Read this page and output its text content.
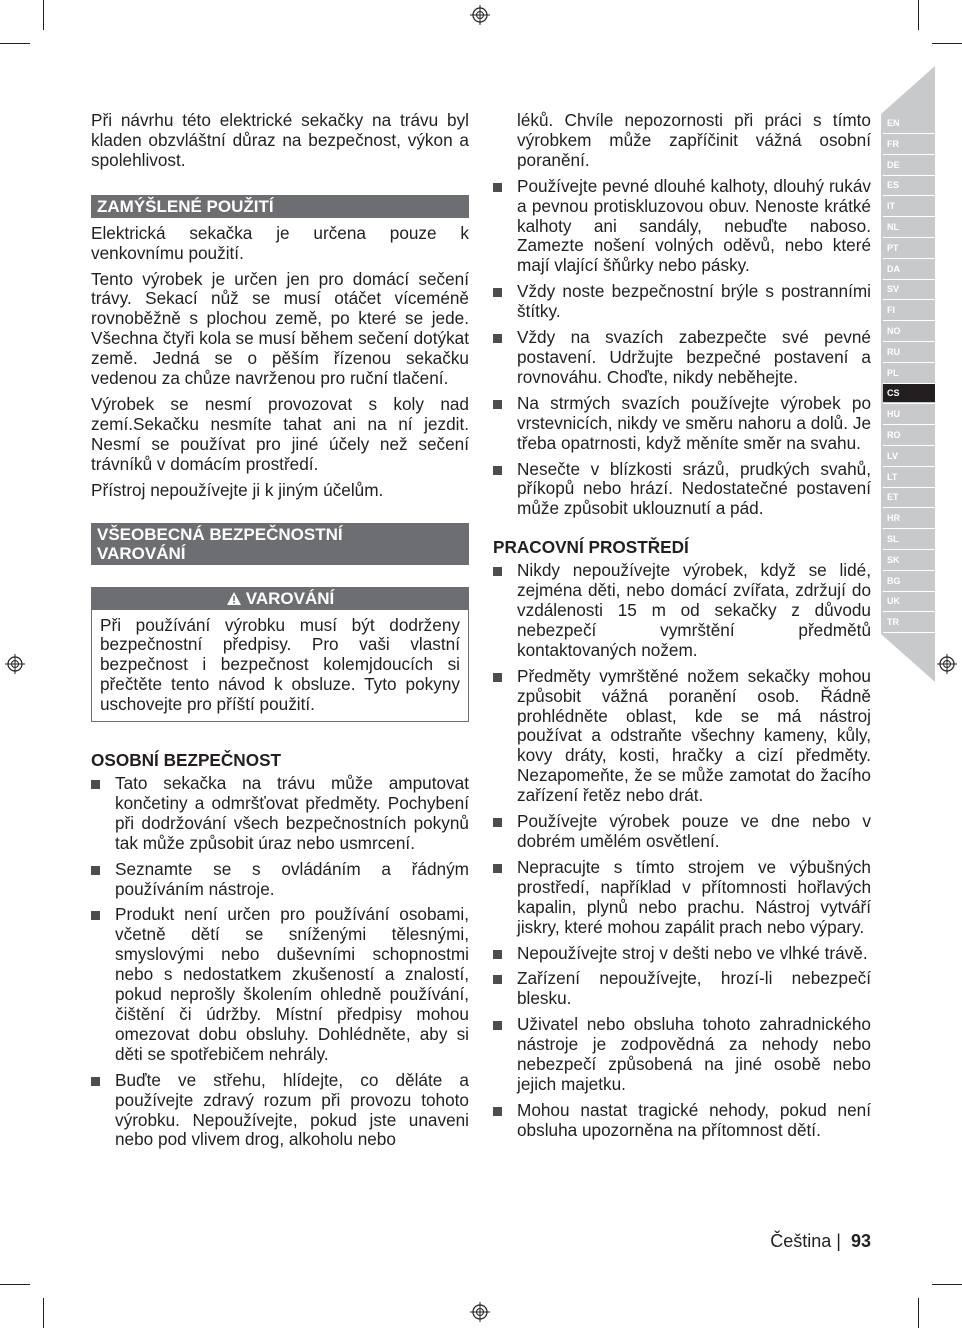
EN
FR
DE
ES
IT
NL
PT
DA
SV
FI
NO
RU
PL
CS
HU
RO
LV
LT
ET
HR
SL
SK
BG
UK
TR

Při návrhu této elektrické sekačky na trávu byl kladen obzvláštní důraz na bezpečnost, výkon a spolehlivost.

ZAMÝŠLENÉ POUŽITÍ

Elektrická sekačka je určena pouze k venkovnímu použití.

Tento výrobek je určen jen pro domácí sečení trávy. Sekací nůž se musí otáčet víceméně rovnoběžně s plochou země, po které se jede. Všechna čtyři kola se musí během sečení dotýkat země. Jedná se o pěším řízenou sekačku vedenou za chůze navrženou pro ruční tlačení.

Výrobek se nesmí provozovat s koly nad zemí.Sekačku nesmíte tahat ani na ní jezdit. Nesmí se používat pro jiné účely než sečení trávníků v domácím prostředí.

Přístroj nepoužívejte ji k jiným účelům.

VŠEOBECNÁ BEZPEČNOSTNÍ
VAROVÁNÍ
VAROVÁNÍ
Při používání výrobku musí být dodrženy bezpečnostní předpisy. Pro vaši vlastní bezpečnost i bezpečnost kolemjdoucích si přečtěte tento návod k obsluze. Tyto pokyny uschovejte pro příští použití.
OSOBNÍ BEZPEČNOST
Tato sekačka na trávu může amputovat končetiny a odmršťovat předměty. Pochybení při dodržování všech bezpečnostních pokynů tak může způsobit úraz nebo usmrcení.
Seznamte se s ovládáním a řádným používáním nástroje.
Produkt není určen pro používání osobami, včetně dětí se sníženými tělesnými, smyslovými nebo duševními schopnostmi nebo s nedostatkem zkušeností a znalostí, pokud neprošly školením ohledně používání, čištění či údržby. Místní předpisy mohou omezovat dobu obsluhy. Dohlédněte, aby si děti se spotřebičem nehrály.
Buďte ve střehu, hlídejte, co děláte a používejte zdravý rozum při provozu tohoto výrobku. Nepoužívejte, pokud jste unaveni nebo pod vlivem drog, alkoholu nebo

léků. Chvíle nepozornosti při práci s tímto výrobkem může zapříčinit vážná osobní poranění.

Používejte pevné dlouhé kalhoty, dlouhý rukáv a pevnou protiskluzovou obuv. Nenoste krátké kalhoty ani sandály, nebuďte naboso. Zamezte nošení volných oděvů, nebo které mají vlající šňůrky nebo pásky.
Vždy noste bezpečnostní brýle s postranními štítky.
Vždy na svazích zabezpečte své pevné postavení. Udržujte bezpečné postavení a rovnováhu. Choďte, nikdy neběhejte.
Na strmých svazích používejte výrobek po vrstevnicích, nikdy ve směru nahoru a dolů. Je třeba opatrnosti, když měníte směr na svahu.
Nesečte v blízkosti srázů, prudkých svahů, příkopů nebo hrází. Nedostatečné postavení může způsobit uklouznutí a pád.
PRACOVNÍ PROSTŘEDÍ
Nikdy nepoužívejte výrobek, když se lidé, zejména děti, nebo domácí zvířata, zdržují do vzdálenosti 15 m od sekačky z důvodu nebezpečí vymrštění předmětů kontaktovaných nožem.
Předměty vymrštěné nožem sekačky mohou způsobit vážná poranění osob. Řádně prohlédněte oblast, kde se má nástroj používat a odstraňte všechny kameny, kůly, kovy dráty, kosti, hračky a cizí předměty. Nezapomeňte, že se může zamotat do žacího zařízení řetěz nebo drát.
Používejte výrobek pouze ve dne nebo v dobrém umělém osvětlení.
Nepracujte s tímto strojem ve výbušných prostředí, například v přítomnosti hořlavých kapalin, plynů nebo prachu. Nástroj vytváří jiskry, které mohou zapálit prach nebo výpary.
Nepoužívejte stroj v dešti nebo ve vlhké trávě.
Zařízení nepoužívejte, hrozí-li nebezpečí blesku.
Uživatel nebo obsluha tohoto zahradnického nástroje je zodpovědná za nehody nebo nebezpečí způsobená na jiné osobě nebo jejich majetku.
Mohou nastat tragické nehody, pokud není obsluha upozorněna na přítomnost dětí.
Čeština | 93
